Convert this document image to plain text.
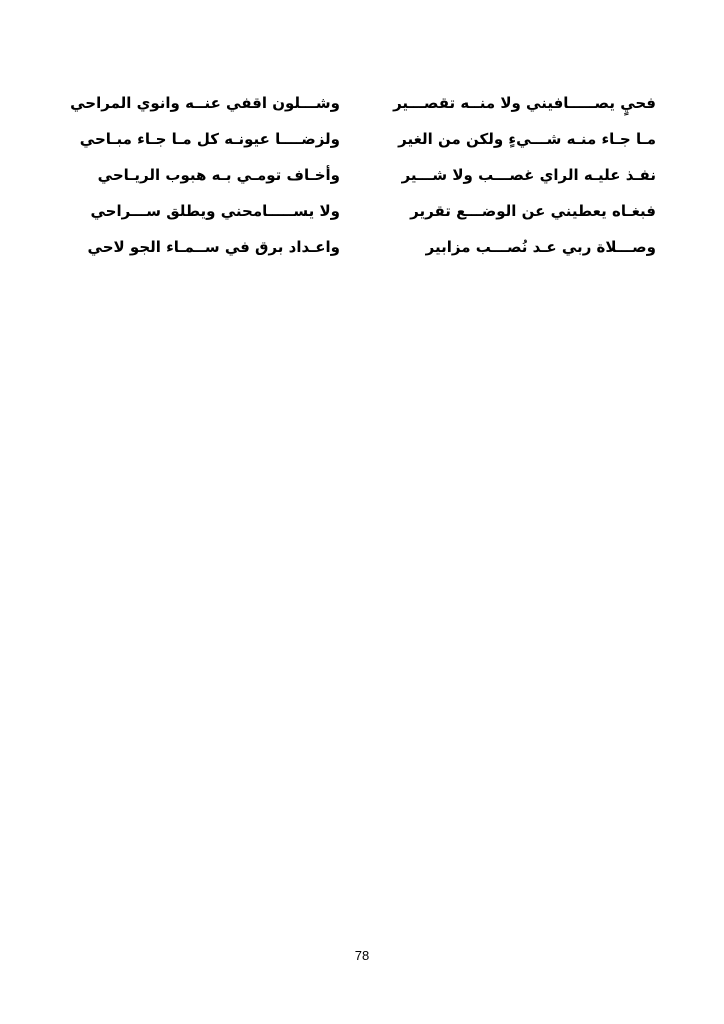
فحيٍ يصـــــافيني ولا منــه تقصـــير
وشـــلون اقفي عنــه وانوي المراحي
مـا جـاء منـه شـــيءٍ ولكن من الغير
ولزضــــا عيونـه كل مـا جـاء مبـاحي
نفـذ عليـه الراي غصـــب ولا شـــير
وأخـاف تومـي بـه هبوب الريـاحي
فبغـاه يعطيني عن الوضـــع تقرير
ولا يســـــامحني ويطلق ســـراحي
وصـــلاة ربي عـد نُصـــب مزابير
واعـداد برق في ســمـاء الجو لاحي
78
